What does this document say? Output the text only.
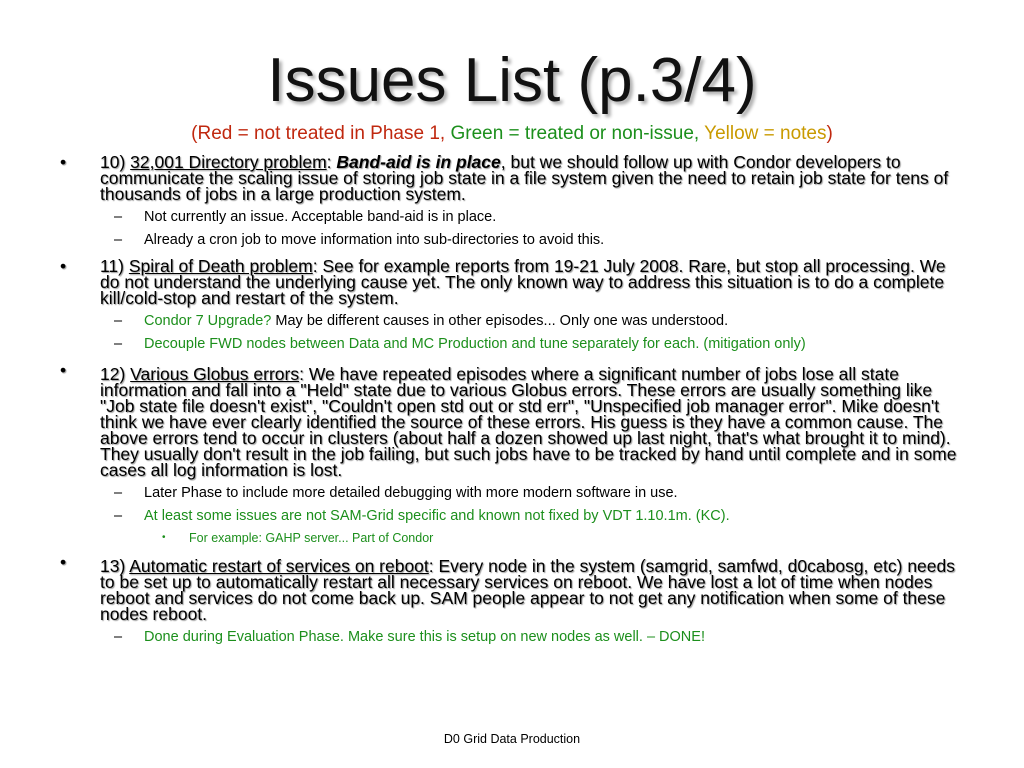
Issues List (p.3/4)
(Red = not treated in Phase 1, Green = treated or non-issue, Yellow = notes)
• 10) 32,001 Directory problem: Band-aid is in place, but we should follow up with Condor developers to communicate the scaling issue of storing job state in a file system given the need to retain job state for tens of thousands of jobs in a large production system.
– Not currently an issue. Acceptable band-aid is in place.
– Already a cron job to move information into sub-directories to avoid this.
• 11) Spiral of Death problem: See for example reports from 19-21 July 2008. Rare, but stop all processing. We do not understand the underlying cause yet. The only known way to address this situation is to do a complete kill/cold-stop and restart of the system.
– Condor 7 Upgrade? May be different causes in other episodes... Only one was understood.
– Decouple FWD nodes between Data and MC Production and tune separately for each. (mitigation only)
•	12) Various Globus errors: We have repeated episodes where a significant number of jobs lose all state information and fall into a "Held" state due to various Globus errors. These errors are usually something like "Job state file doesn't exist", "Couldn't open std out or std err", "Unspecified job manager error". Mike doesn't think we have ever clearly identified the source of these errors. His guess is they have a common cause. The above errors tend to occur in clusters (about half a dozen showed up last night, that's what brought it to mind). They usually don't result in the job failing, but such jobs have to be tracked by hand until complete and in some cases all log information is lost.
– Later Phase to include more detailed debugging with more modern software in use.
– At least some issues are not SAM-Grid specific and known not fixed by VDT 1.10.1m. (KC).
• For example: GAHP server... Part of Condor
•	13) Automatic restart of services on reboot: Every node in the system (samgrid, samfwd, d0cabosg, etc) needs to be set up to automatically restart all necessary services on reboot. We have lost a lot of time when nodes reboot and services do not come back up. SAM people appear to not get any notification when some of these nodes reboot.
– Done during Evaluation Phase. Make sure this is setup on new nodes as well. – DONE!
D0 Grid Data Production
